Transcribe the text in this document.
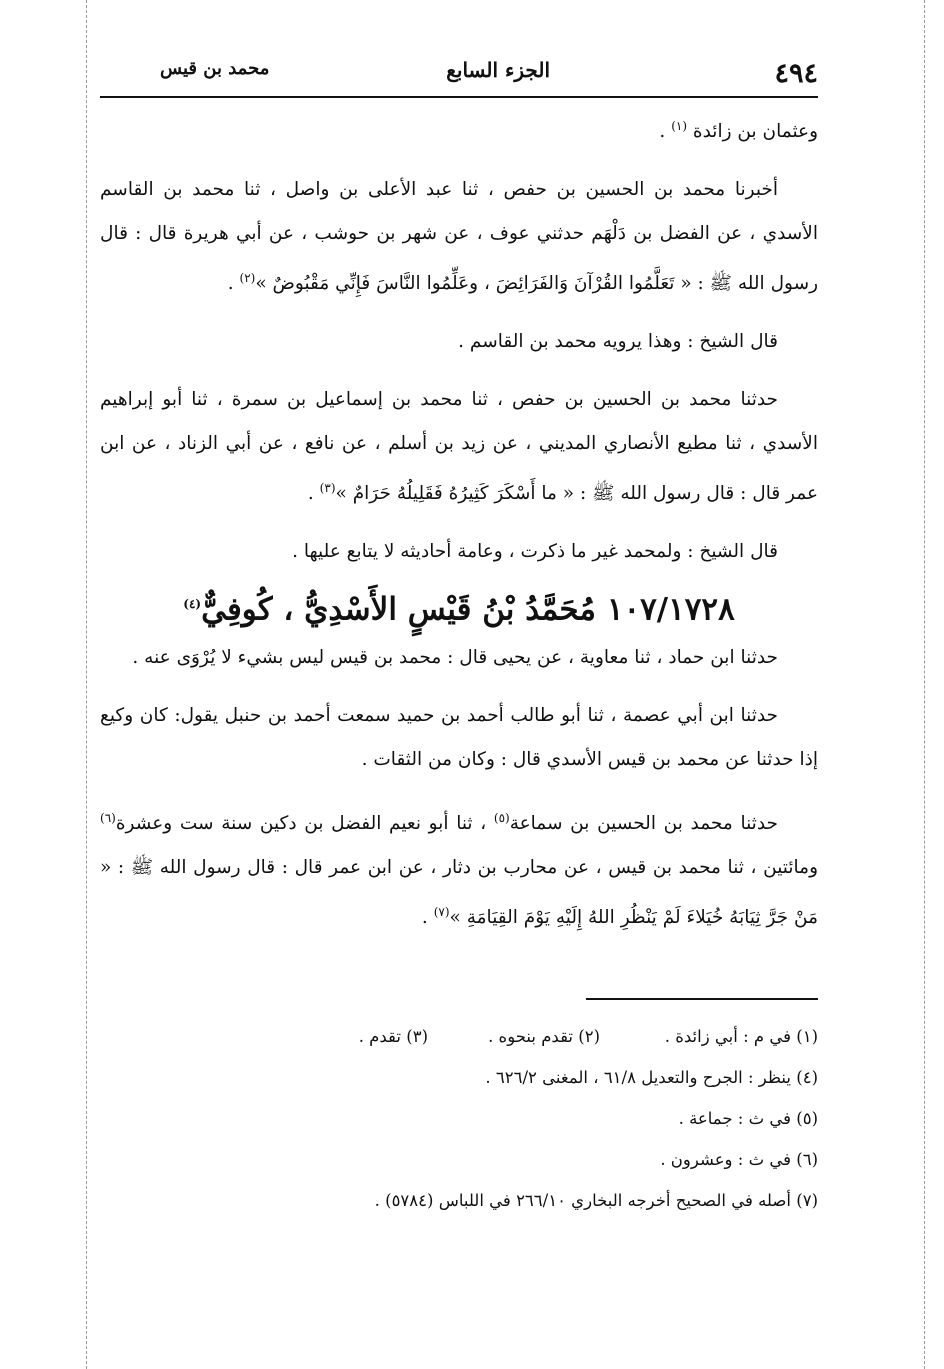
٤٩٤
الجزء السابع
محمد بن قيس

وعثمان بن زائدة $^{(١)}$ .

أخبرنا محمد بن الحسين بن حفص ، ثنا عبد الأعلى بن واصل ، ثنا محمد بن القاسم الأسدي ، عن الفضل بن دَلْهَم حدثني عوف ، عن شهر بن حوشب ، عن أبي هريرة قال : قال رسول الله ﷺ : « تَعَلَّمُوا القُرْآنَ وَالفَرَائِضَ ، وعَلِّمُوا النَّاسَ فَإِنِّي مَقْبُوضٌ »$^{(٢)}$ .

قال الشيخ : وهذا يرويه محمد بن القاسم .

حدثنا محمد بن الحسين بن حفص ، ثنا محمد بن إسماعيل بن سمرة ، ثنا أبو إبراهيم الأسدي ، ثنا مطيع الأنصاري المديني ، عن زيد بن أسلم ، عن نافع ، عن أبي الزناد ، عن ابن عمر قال : قال رسول الله ﷺ : « ما أَسْكَرَ كَثِيرُهُ فَقَلِيلُهُ حَرَامٌ »$^{(٣)}$ .

قال الشيخ : ولمحمد غير ما ذكرت ، وعامة أحاديثه لا يتابع عليها .

١٠٧/١٧٢٨ مُحَمَّدُ بْنُ قَيْسٍ الأَسْدِيُّ ، كُوفِيٌّ$^{(٤)}$

حدثنا ابن حماد ، ثنا معاوية ، عن يحيى قال : محمد بن قيس ليس بشيء لا يُرْوَى عنه .

حدثنا ابن أبي عصمة ، ثنا أبو طالب أحمد بن حميد سمعت أحمد بن حنبل يقول: كان وكيع إذا حدثنا عن محمد بن قيس الأسدي قال : وكان من الثقات .

حدثنا محمد بن الحسين بن سماعة$^{(٥)}$ ، ثنا أبو نعيم الفضل بن دكين سنة ست وعشرة$^{(٦)}$ ومائتين ، ثنا محمد بن قيس ، عن محارب بن دثار ، عن ابن عمر قال : قال رسول الله ﷺ : « مَنْ جَرَّ ثِيَابَهُ خُيَلاءَ لَمْ يَنْظُرِ اللهُ إِلَيْهِ يَوْمَ القِيَامَةِ »$^{(٧)}$ .

(١) في م : أبي زائدة .(٢) تقدم بنحوه .(٣) تقدم .
(٤) ينظر : الجرح والتعديل ٦١/٨ ، المغنى ٦٢٦/٢ .
(٥) في ث : جماعة .
(٦) في ث : وعشرون .
(٧) أصله في الصحيح أخرجه البخاري ٢٦٦/١٠ في اللباس (٥٧٨٤) .
